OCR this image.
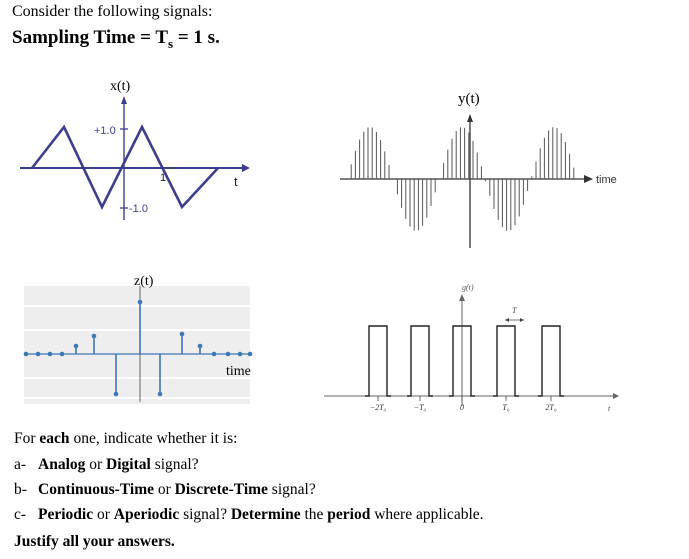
Consider the following signals:
Sampling Time = $T_s = 1$ s.
x(t)
+1.0
-1.0
1	t
y(t)
time
z(t)
time
g(t)
T
−2T₀	−T₀	0	T₀	2T₀	t
For each one, indicate whether it is:
a- Analog or Digital signal?
b- Continuous-Time or Discrete-Time signal?
c- Periodic or Aperiodic signal? Determine the period where applicable.
Justify all your answers.
